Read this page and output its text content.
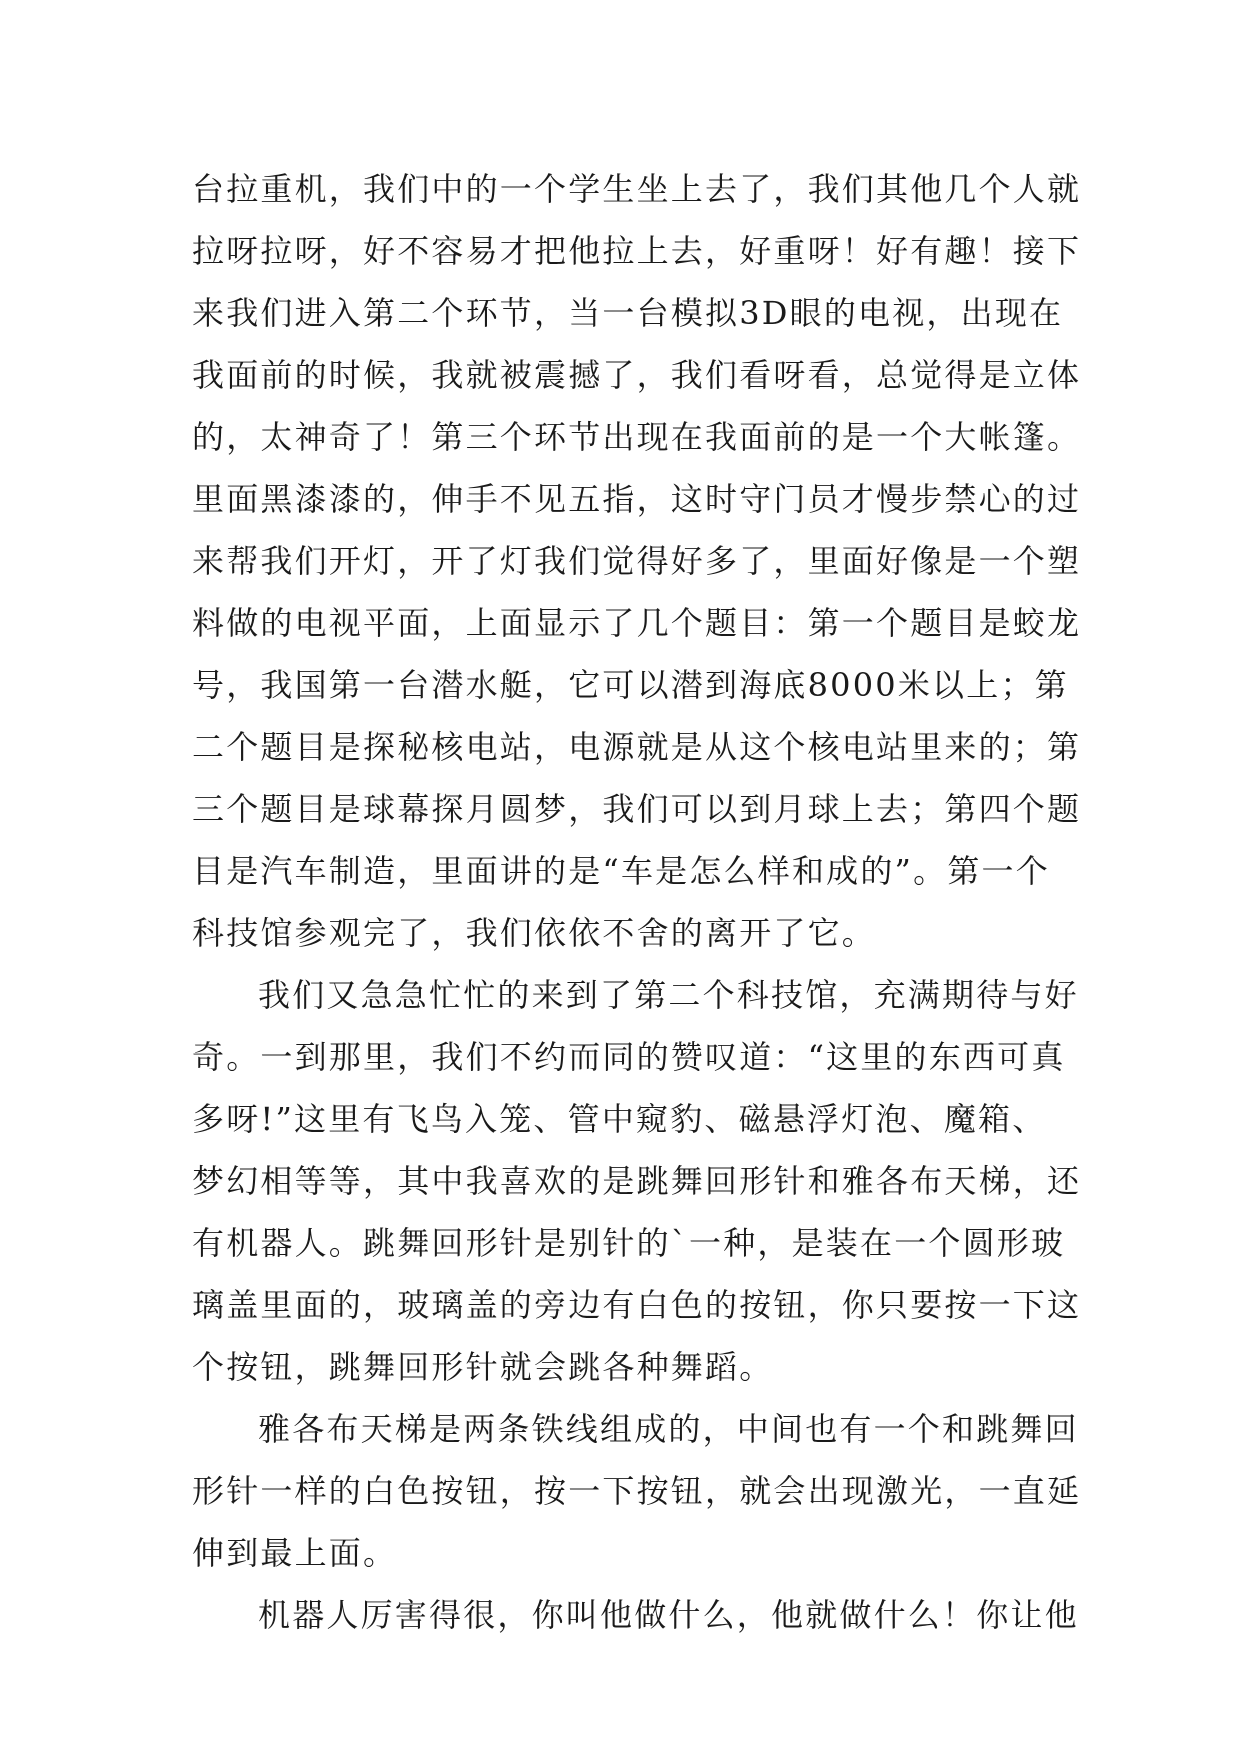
台拉重机，我们中的一个学生坐上去了，我们其他几个人就
拉呀拉呀，好不容易才把他拉上去，好重呀！好有趣！接下
来我们进入第二个环节，当一台模拟3D眼的电视，出现在
我面前的时候，我就被震撼了，我们看呀看，总觉得是立体
的，太神奇了！第三个环节出现在我面前的是一个大帐篷。
里面黑漆漆的，伸手不见五指，这时守门员才慢步禁心的过
来帮我们开灯，开了灯我们觉得好多了，里面好像是一个塑
料做的电视平面，上面显示了几个题目：第一个题目是蛟龙
号，我国第一台潜水艇，它可以潜到海底8000米以上；第
二个题目是探秘核电站，电源就是从这个核电站里来的；第
三个题目是球幕探月圆梦，我们可以到月球上去；第四个题
目是汽车制造，里面讲的是“车是怎么样和成的”。第一个
科技馆参观完了，我们依依不舍的离开了它。
我们又急急忙忙的来到了第二个科技馆，充满期待与好
奇。一到那里，我们不约而同的赞叹道：“这里的东西可真
多呀!”这里有飞鸟入笼、管中窥豹、磁悬浮灯泡、魔箱、
梦幻相等等，其中我喜欢的是跳舞回形针和雅各布天梯，还
有机器人。跳舞回形针是别针的`一种，是装在一个圆形玻
璃盖里面的，玻璃盖的旁边有白色的按钮，你只要按一下这
个按钮，跳舞回形针就会跳各种舞蹈。
雅各布天梯是两条铁线组成的，中间也有一个和跳舞回
形针一样的白色按钮，按一下按钮，就会出现激光，一直延
伸到最上面。
机器人厉害得很，你叫他做什么，他就做什么！你让他
